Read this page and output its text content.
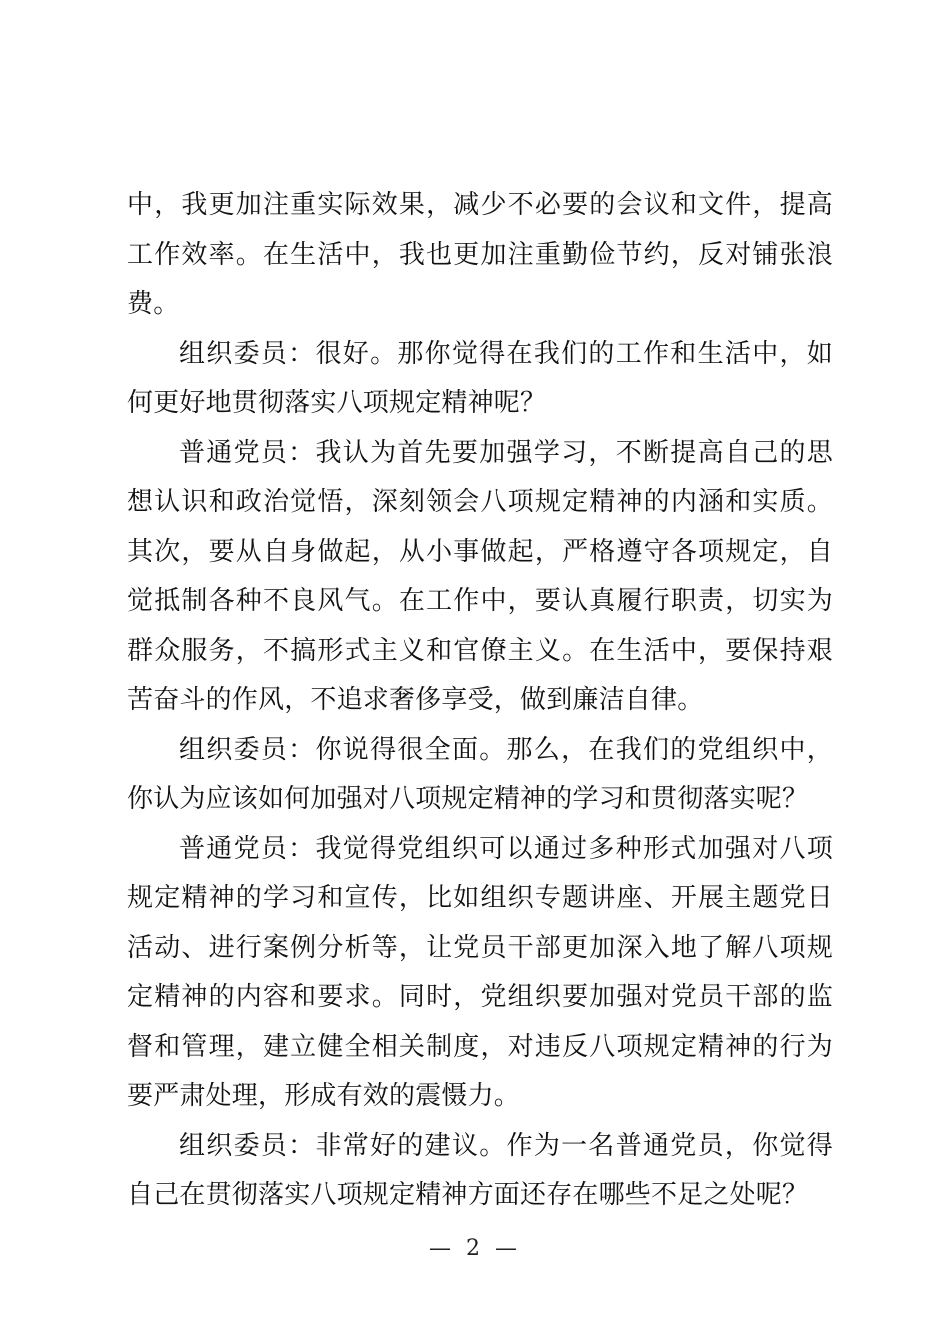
中，我更加注重实际效果，减少不必要的会议和文件，提高工作效率。在生活中，我也更加注重勤俭节约，反对铺张浪费。

组织委员：很好。那你觉得在我们的工作和生活中，如何更好地贯彻落实八项规定精神呢？

普通党员：我认为首先要加强学习，不断提高自己的思想认识和政治觉悟，深刻领会八项规定精神的内涵和实质。其次，要从自身做起，从小事做起，严格遵守各项规定，自觉抵制各种不良风气。在工作中，要认真履行职责，切实为群众服务，不搞形式主义和官僚主义。在生活中，要保持艰苦奋斗的作风，不追求奢侈享受，做到廉洁自律。

组织委员：你说得很全面。那么，在我们的党组织中，你认为应该如何加强对八项规定精神的学习和贯彻落实呢？

普通党员：我觉得党组织可以通过多种形式加强对八项规定精神的学习和宣传，比如组织专题讲座、开展主题党日活动、进行案例分析等，让党员干部更加深入地了解八项规定精神的内容和要求。同时，党组织要加强对党员干部的监督和管理，建立健全相关制度，对违反八项规定精神的行为要严肃处理，形成有效的震慑力。

组织委员：非常好的建议。作为一名普通党员，你觉得自己在贯彻落实八项规定精神方面还存在哪些不足之处呢？

— 2 —
